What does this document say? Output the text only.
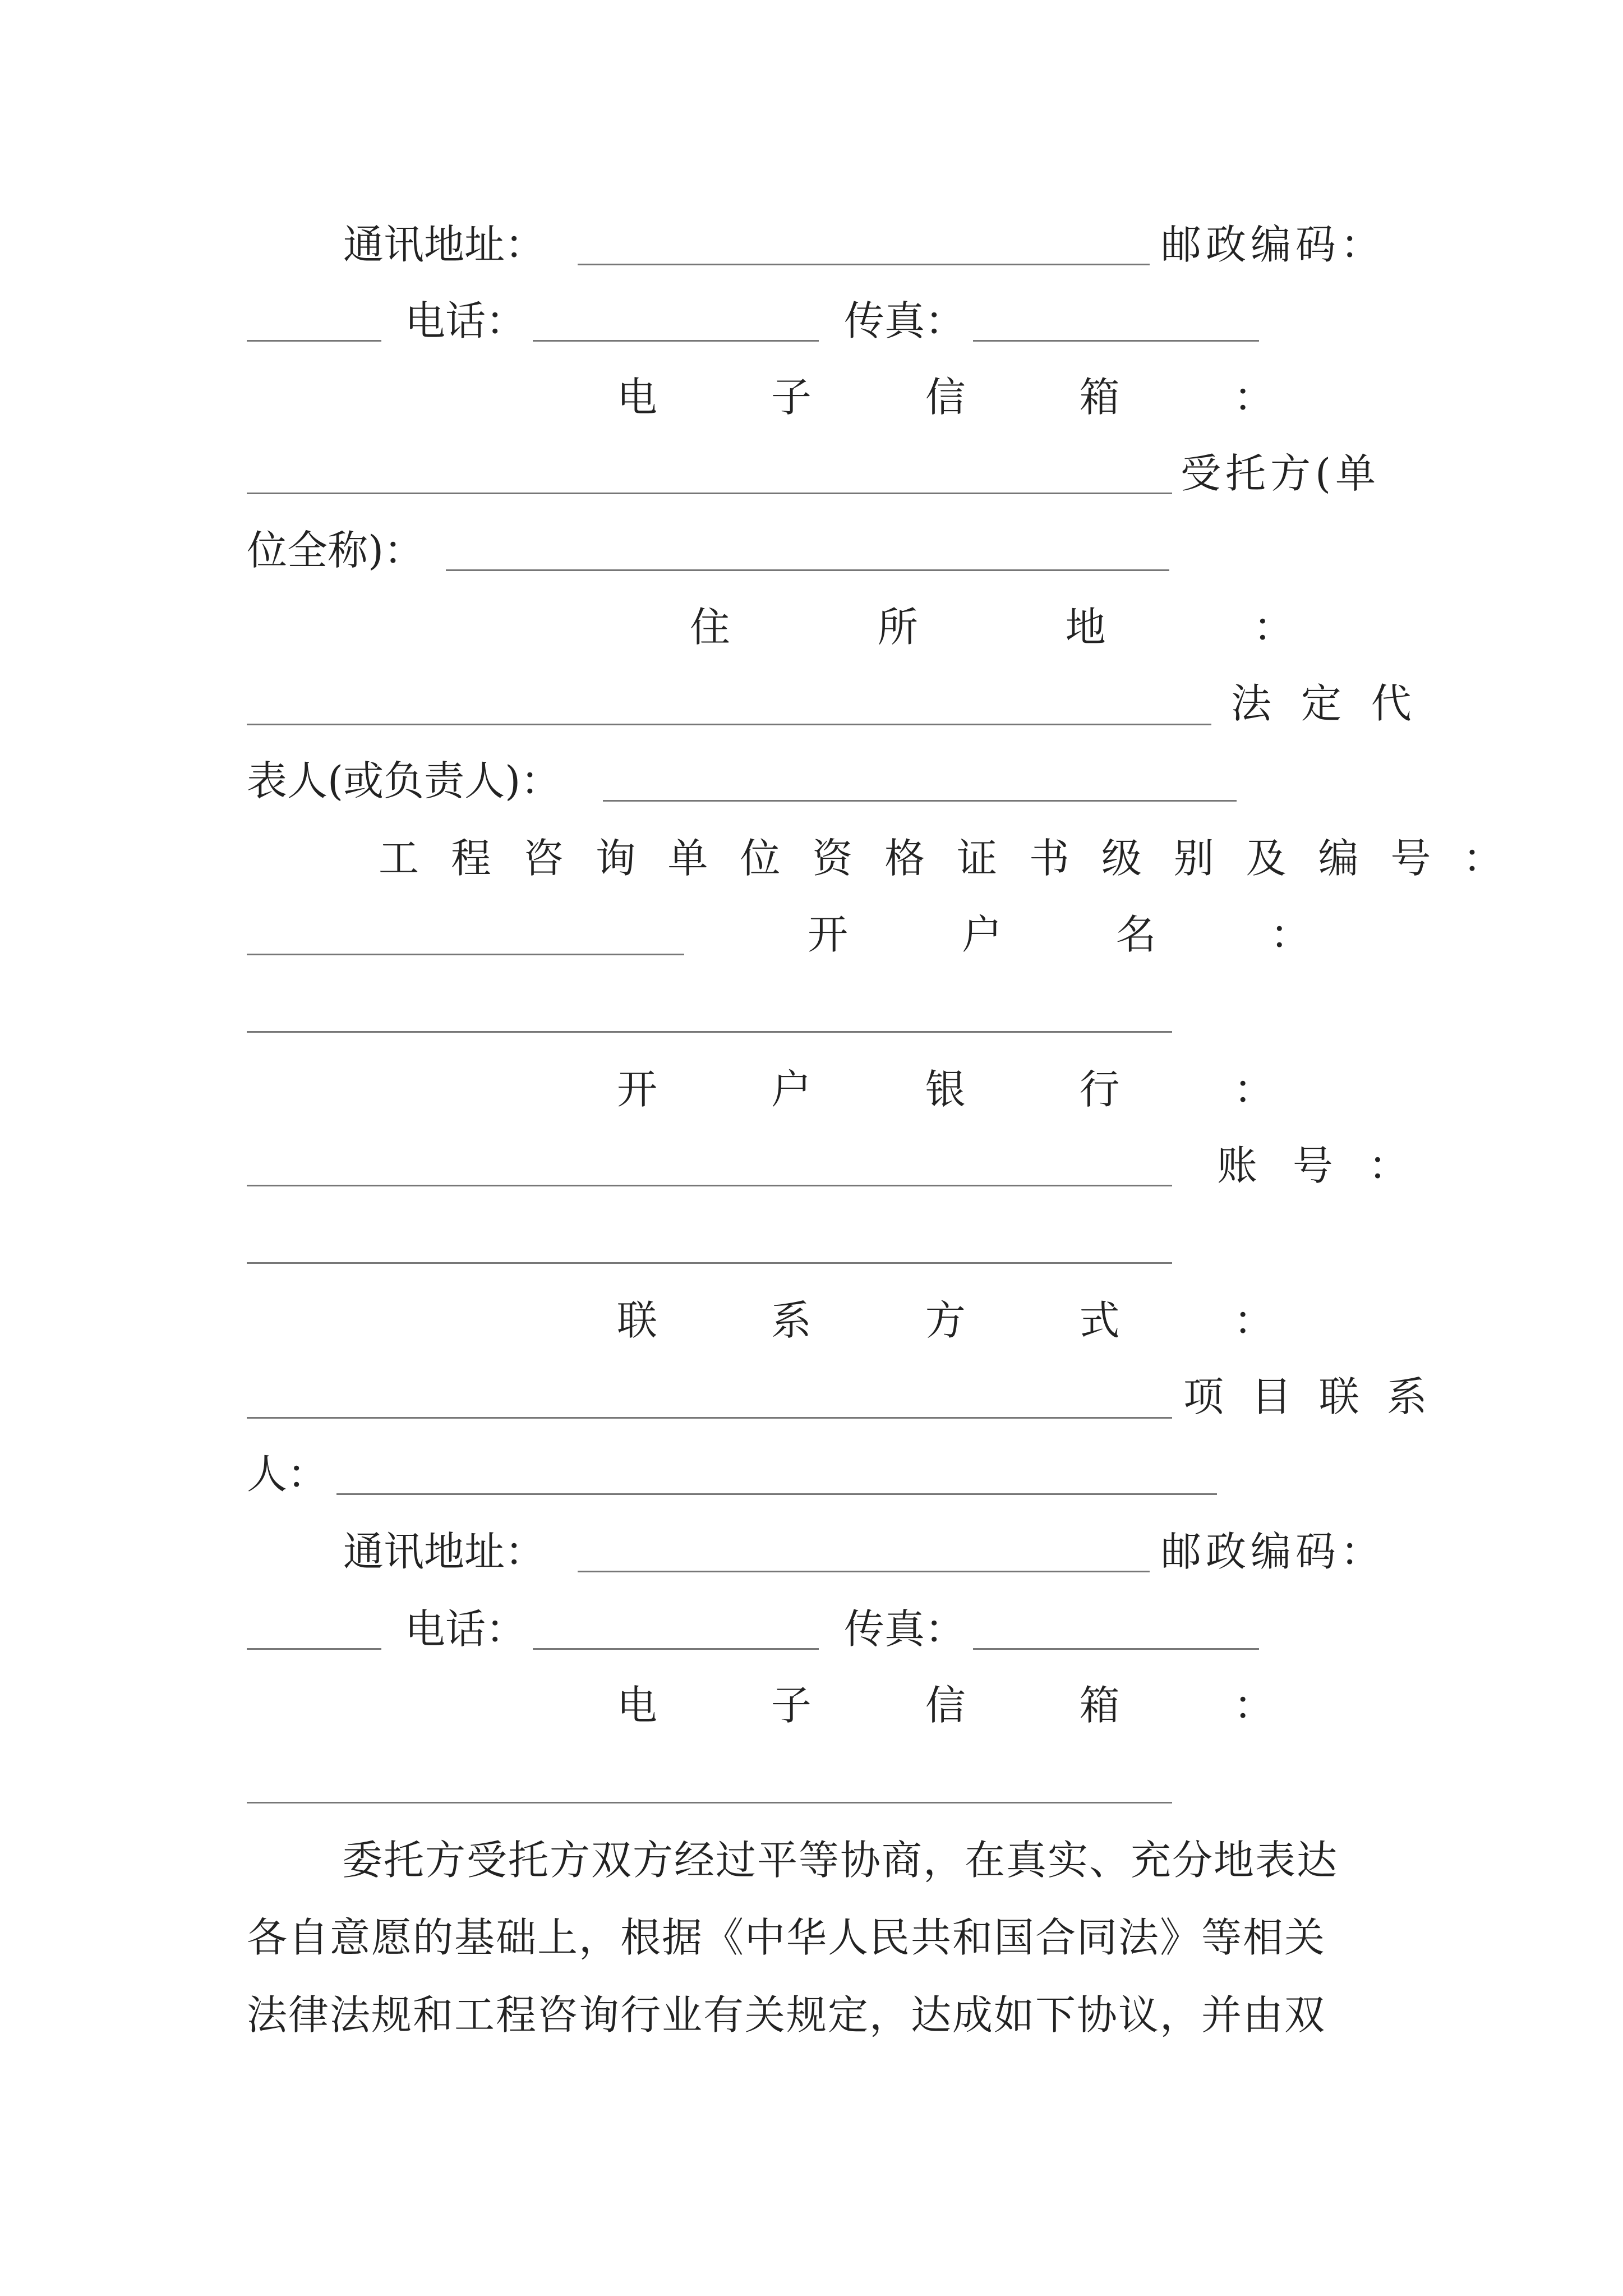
通讯地址：	邮政编码：
电话：	传真：
电 子 信 箱 ：
受托方(单
位全称)：
住 所 地 ：
法 定 代
表人(或负责人)：
工 程 咨 询 单 位 资 格 证 书 级 别 及 编 号 ：
开 户 名 ：
开 户 银 行 ：
账 号 ：
联 系 方 式 ：
项 目 联 系
人：
通讯地址：	邮政编码：
电话：	传真：
电 子 信 箱 ：
委托方受托方双方经过平等协商，在真实、充分地表达
各自意愿的基础上，根据《中华人民共和国合同法》等相关
法律法规和工程咨询行业有关规定，达成如下协议，并由双
